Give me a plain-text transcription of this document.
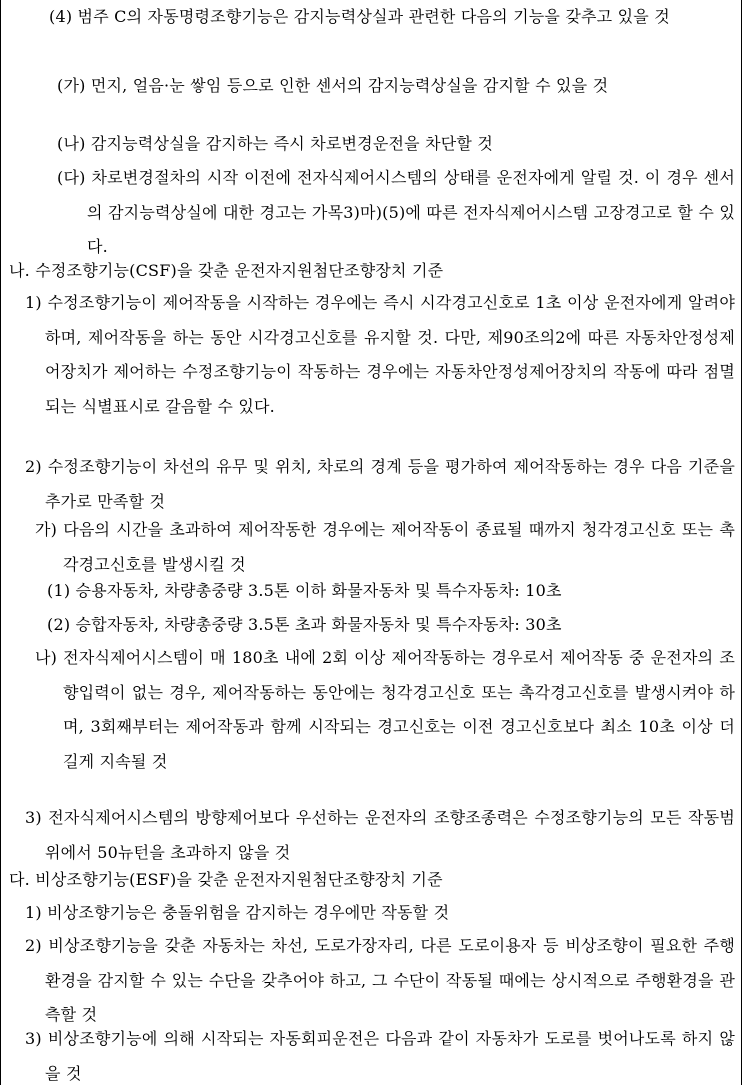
(4) 범주 C의 자동명령조향기능은 감지능력상실과 관련한 다음의 기능을 갖추고 있을 것

(가) 먼지, 얼음·눈 쌓임 등으로 인한 센서의 감지능력상실을 감지할 수 있을 것

(나) 감지능력상실을 감지하는 즉시 차로변경운전을 차단할 것

(다) 차로변경절차의 시작 이전에 전자식제어시스템의 상태를 운전자에게 알릴 것. 이 경우 센서의 감지능력상실에 대한 경고는 가목3)마)(5)에 따른 전자식제어시스템 고장경고로 할 수 있다.

나. 수정조향기능(CSF)을 갖춘 운전자지원첨단조향장치 기준

1) 수정조향기능이 제어작동을 시작하는 경우에는 즉시 시각경고신호로 1초 이상 운전자에게 알려야 하며, 제어작동을 하는 동안 시각경고신호를 유지할 것. 다만, 제90조의2에 따른 자동차안정성제어장치가 제어하는 수정조향기능이 작동하는 경우에는 자동차안정성제어장치의 작동에 따라 점멸되는 식별표시로 갈음할 수 있다.

2) 수정조향기능이 차선의 유무 및 위치, 차로의 경계 등을 평가하여 제어작동하는 경우 다음 기준을 추가로 만족할 것

가) 다음의 시간을 초과하여 제어작동한 경우에는 제어작동이 종료될 때까지 청각경고신호 또는 촉각경고신호를 발생시킬 것

(1) 승용자동차, 차량총중량 3.5톤 이하 화물자동차 및 특수자동차: 10초

(2) 승합자동차, 차량총중량 3.5톤 초과 화물자동차 및 특수자동차: 30초

나) 전자식제어시스템이 매 180초 내에 2회 이상 제어작동하는 경우로서 제어작동 중 운전자의 조향입력이 없는 경우, 제어작동하는 동안에는 청각경고신호 또는 촉각경고신호를 발생시켜야 하며, 3회째부터는 제어작동과 함께 시작되는 경고신호는 이전 경고신호보다 최소 10초 이상 더 길게 지속될 것

3) 전자식제어시스템의 방향제어보다 우선하는 운전자의 조향조종력은 수정조향기능의 모든 작동범위에서 50뉴턴을 초과하지 않을 것

다. 비상조향기능(ESF)을 갖춘 운전자지원첨단조향장치 기준

1) 비상조향기능은 충돌위험을 감지하는 경우에만 작동할 것

2) 비상조향기능을 갖춘 자동차는 차선, 도로가장자리, 다른 도로이용자 등 비상조향이 필요한 주행환경을 감지할 수 있는 수단을 갖추어야 하고, 그 수단이 작동될 때에는 상시적으로 주행환경을 관측할 것

3) 비상조향기능에 의해 시작되는 자동회피운전은 다음과 같이 자동차가 도로를 벗어나도록 하지 않을 것
